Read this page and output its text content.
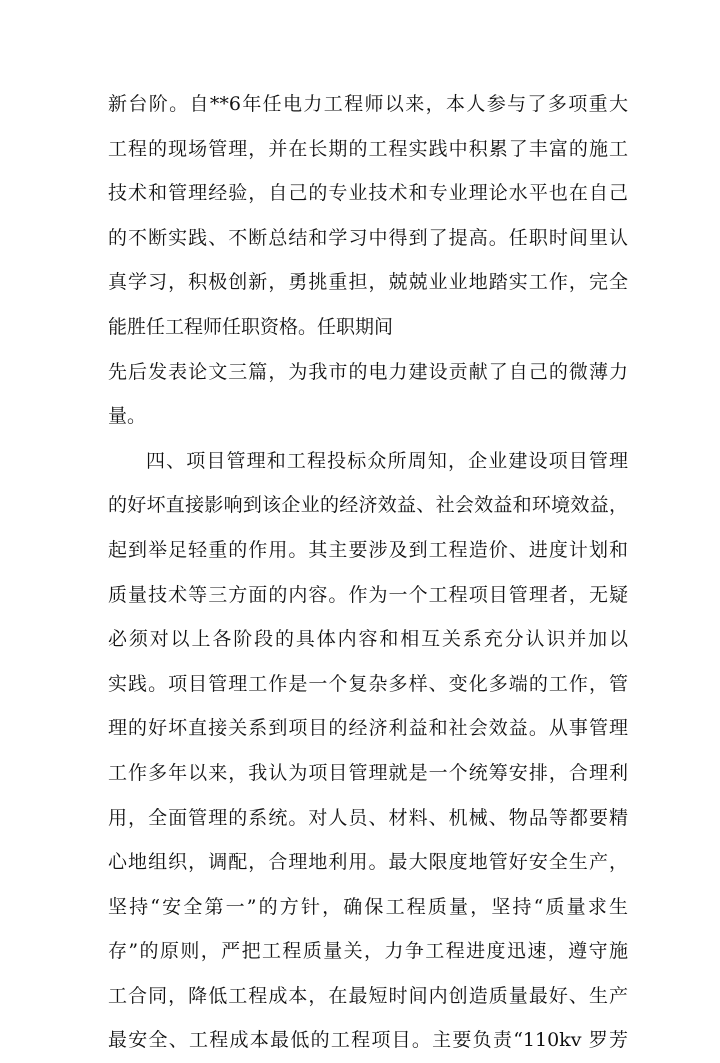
新台阶。自**6年任电力工程师以来，本人参与了多项重大
工程的现场管理，并在长期的工程实践中积累了丰富的施工
技术和管理经验，自己的专业技术和专业理论水平也在自己
的不断实践、不断总结和学习中得到了提高。任职时间里认
真学习，积极创新，勇挑重担，兢兢业业地踏实工作，完全
能胜任工程师任职资格。任职期间
先后发表论文三篇，为我市的电力建设贡献了自己的微薄力
量。
四、项目管理和工程投标众所周知，企业建设项目管理
的好坏直接影响到该企业的经济效益、社会效益和环境效益，
起到举足轻重的作用。其主要涉及到工程造价、进度计划和
质量技术等三方面的内容。作为一个工程项目管理者，无疑
必须对以上各阶段的具体内容和相互关系充分认识并加以
实践。项目管理工作是一个复杂多样、变化多端的工作，管
理的好坏直接关系到项目的经济利益和社会效益。从事管理
工作多年以来，我认为项目管理就是一个统筹安排，合理利
用，全面管理的系统。对人员、材料、机械、物品等都要精
心地组织，调配，合理地利用。最大限度地管好安全生产，
坚持“安全第一”的方针，确保工程质量，坚持“质量求生
存”的原则，严把工程质量关，力争工程进度迅速，遵守施
工合同，降低工程成本，在最短时间内创造质量最好、生产
最安全、工程成本最低的工程项目。主要负责“110kv 罗芳
